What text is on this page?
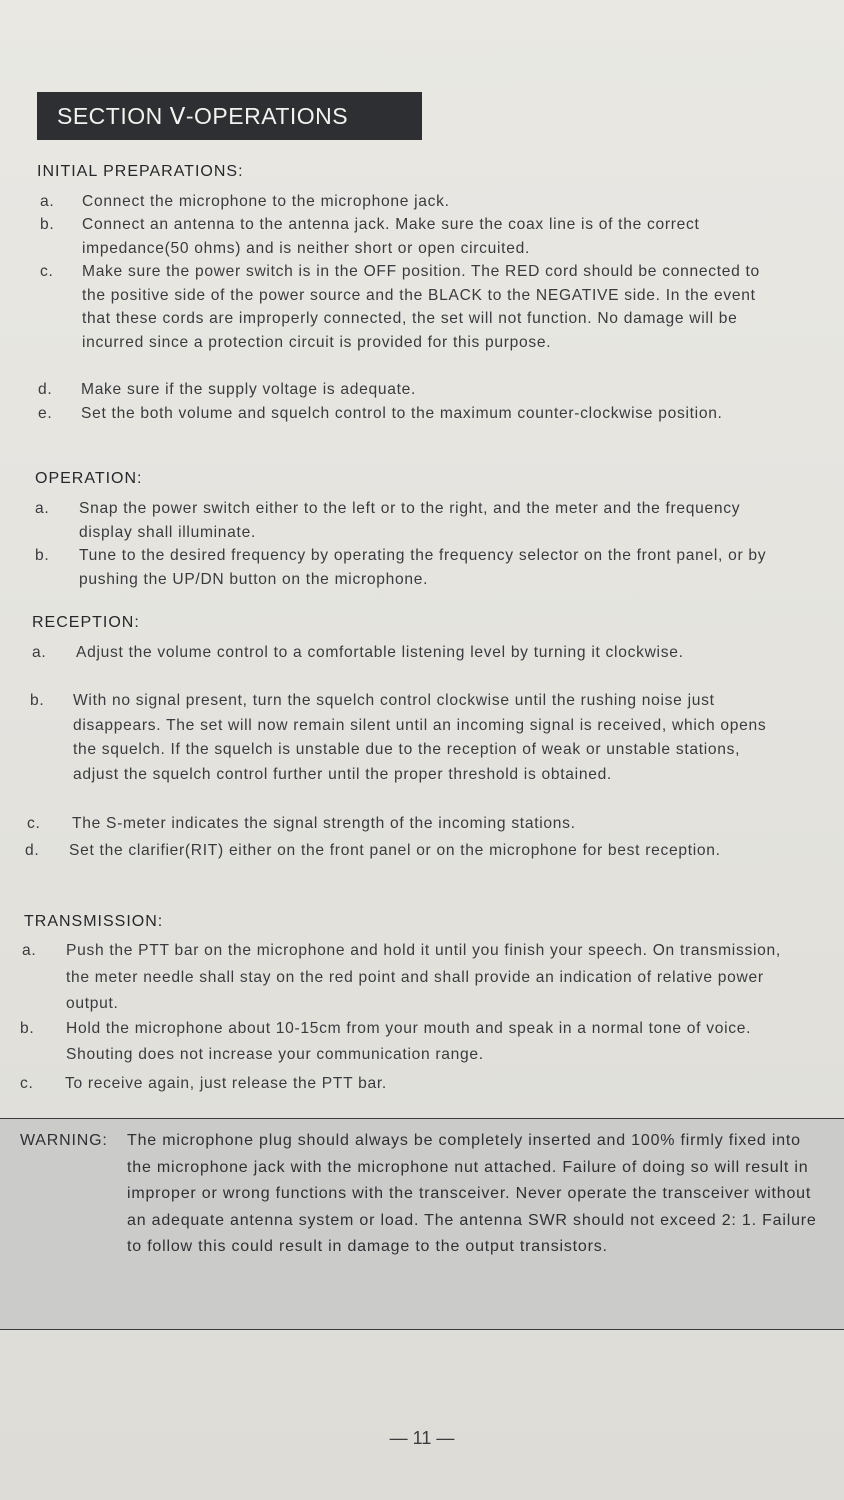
SECTION Ⅴ-OPERATIONS
INITIAL PREPARATIONS:
a. Connect the microphone to the microphone jack.
b. Connect an antenna to the antenna jack. Make sure the coax line is of the correct impedance(50 ohms) and is neither short or open circuited.
c. Make sure the power switch is in the OFF position. The RED cord should be connected to the positive side of the power source and the BLACK to the NEGATIVE side. In the event that these cords are improperly connected, the set will not function. No damage will be incurred since a protection circuit is provided for this purpose.
d. Make sure if the supply voltage is adequate.
e. Set the both volume and squelch control to the maximum counter-clockwise position.
OPERATION:
a. Snap the power switch either to the left or to the right, and the meter and the frequency display shall illuminate.
b. Tune to the desired frequency by operating the frequency selector on the front panel, or by pushing the UP/DN button on the microphone.
RECEPTION:
a. Adjust the volume control to a comfortable listening level by turning it clockwise.
b. With no signal present, turn the squelch control clockwise until the rushing noise just disappears. The set will now remain silent until an incoming signal is received, which opens the squelch. If the squelch is unstable due to the reception of weak or unstable stations, adjust the squelch control further until the proper threshold is obtained.
c. The S-meter indicates the signal strength of the incoming stations.
d. Set the clarifier(RIT) either on the front panel or on the microphone for best reception.
TRANSMISSION:
a. Push the PTT bar on the microphone and hold it until you finish your speech. On transmission, the meter needle shall stay on the red point and shall provide an indication of relative power output.
b. Hold the microphone about 10-15cm from your mouth and speak in a normal tone of voice. Shouting does not increase your communication range.
c. To receive again, just release the PTT bar.
WARNING: The microphone plug should always be completely inserted and 100% firmly fixed into the microphone jack with the microphone nut attached. Failure of doing so will result in improper or wrong functions with the transceiver. Never operate the transceiver without an adequate antenna system or load. The antenna SWR should not exceed 2: 1. Failure to follow this could result in damage to the output transistors.
— 11 —
